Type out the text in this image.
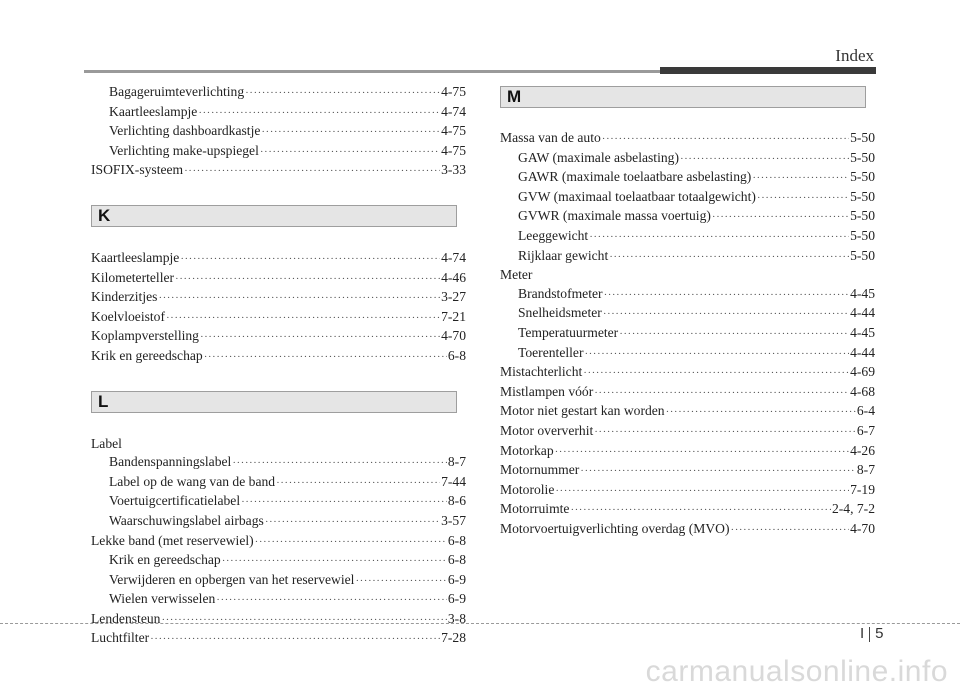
Index
Bagageruimteverlichting ·····	4-75
Kaartleeslampje ·····	4-74
Verlichting dashboardkastje ·····	4-75
Verlichting make-upspiegel ·····	4-75
ISOFIX-systeem ·····	3-33
K
Kaartleeslampje ·····	4-74
Kilometerteller ·····	4-46
Kinderzitjes ·····	3-27
Koelvloeistof ·····	7-21
Koplampverstelling ·····	4-70
Krik en gereedschap ·····	6-8
L
Label
Bandenspanningslabel ·····	8-7
Label op de wang van de band ·····	7-44
Voertuigcertificatielabel ·····	8-6
Waarschuwingslabel airbags ·····	3-57
Lekke band (met reservewiel) ·····	6-8
Krik en gereedschap ·····	6-8
Verwijderen en opbergen van het reservewiel ·····	6-9
Wielen verwisselen ·····	6-9
Lendensteun ·····	3-8
Luchtfilter ·····	7-28
M
Massa van de auto ·····	5-50
GAW (maximale asbelasting) ·····	5-50
GAWR (maximale toelaatbare asbelasting) ·····	5-50
GVW (maximaal toelaatbaar totaalgewicht) ·····	5-50
GVWR (maximale massa voertuig) ·····	5-50
Leeggewicht ·····	5-50
Rijklaar gewicht ·····	5-50
Meter
Brandstofmeter ·····	4-45
Snelheidsmeter ·····	4-44
Temperatuurmeter ·····	4-45
Toerenteller ·····	4-44
Mistachterlicht ·····	4-69
Mistlampen vóór ·····	4-68
Motor niet gestart kan worden ·····	6-4
Motor oververhit ·····	6-7
Motorkap ·····	4-26
Motornummer ·····	8-7
Motorolie ·····	7-19
Motorruimte ·····	2-4, 7-2
Motorvoertuigverlichting overdag (MVO) ·····	4-70
I 5
carmanualsonline.info
